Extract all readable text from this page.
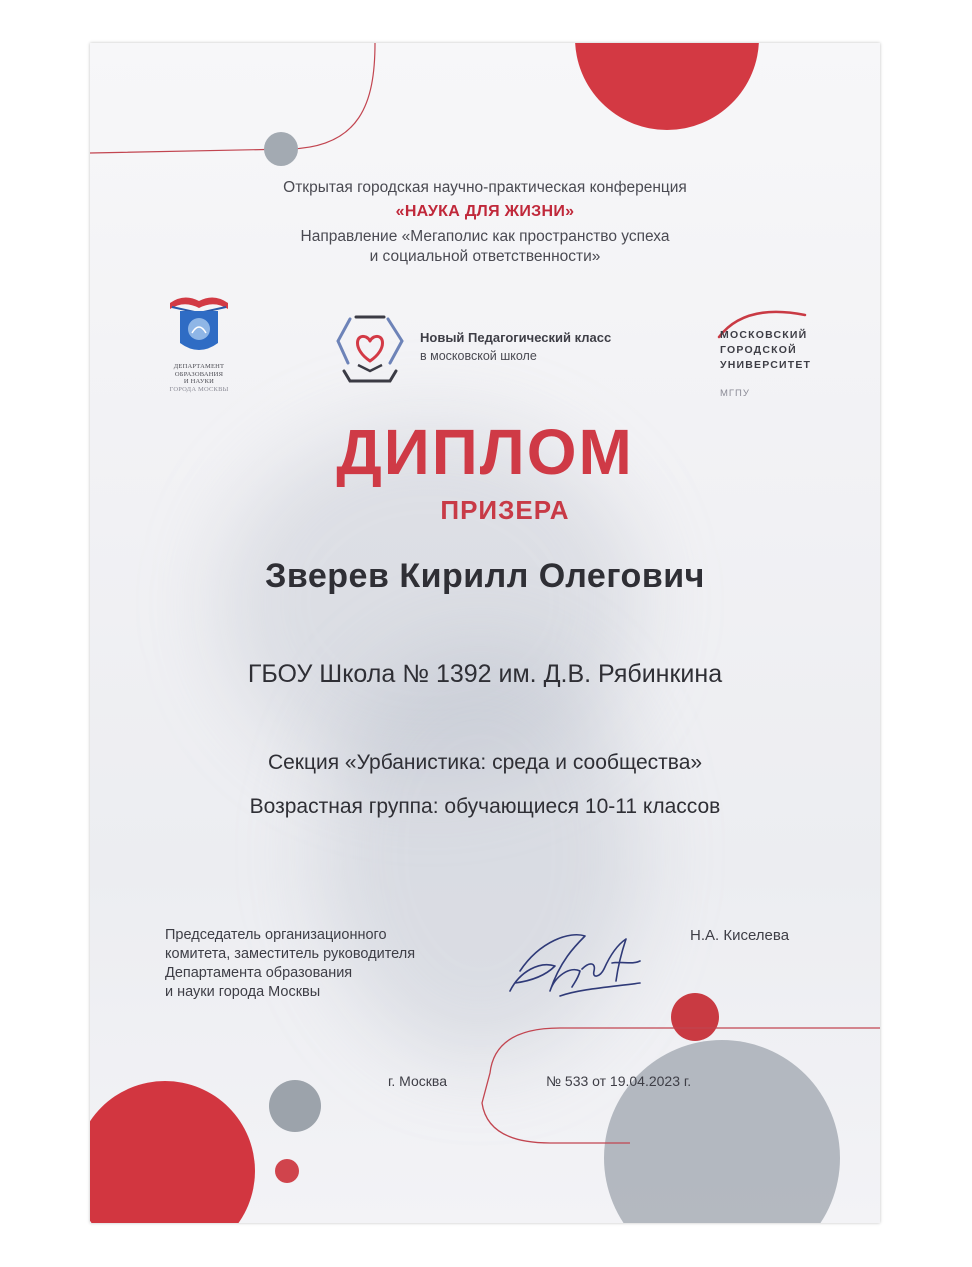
Открытая городская научно-практическая конференция
«НАУКА ДЛЯ ЖИЗНИ»
Направление «Мегаполис как пространство успеха
и социальной ответственности»
ДЕПАРТАМЕНТ
ОБРАЗОВАНИЯ
И НАУКИ
ГОРОДА МОСКВЫ
Новый Педагогический класс
в московской школе
МОСКОВСКИЙ
ГОРОДСКОЙ
УНИВЕРСИТЕТ
МГПУ
ДИПЛОМ
ПРИЗЕРА
Зверев Кирилл Олегович
ГБОУ Школа № 1392 им. Д.В. Рябинкина
Секция «Урбанистика: среда и сообщества»
Возрастная группа: обучающиеся 10-11 классов
Председатель организационного
комитета, заместитель руководителя
Департамента образования
и науки города Москвы
Н.А. Киселева
г. Москва	№ 533 от 19.04.2023 г.
